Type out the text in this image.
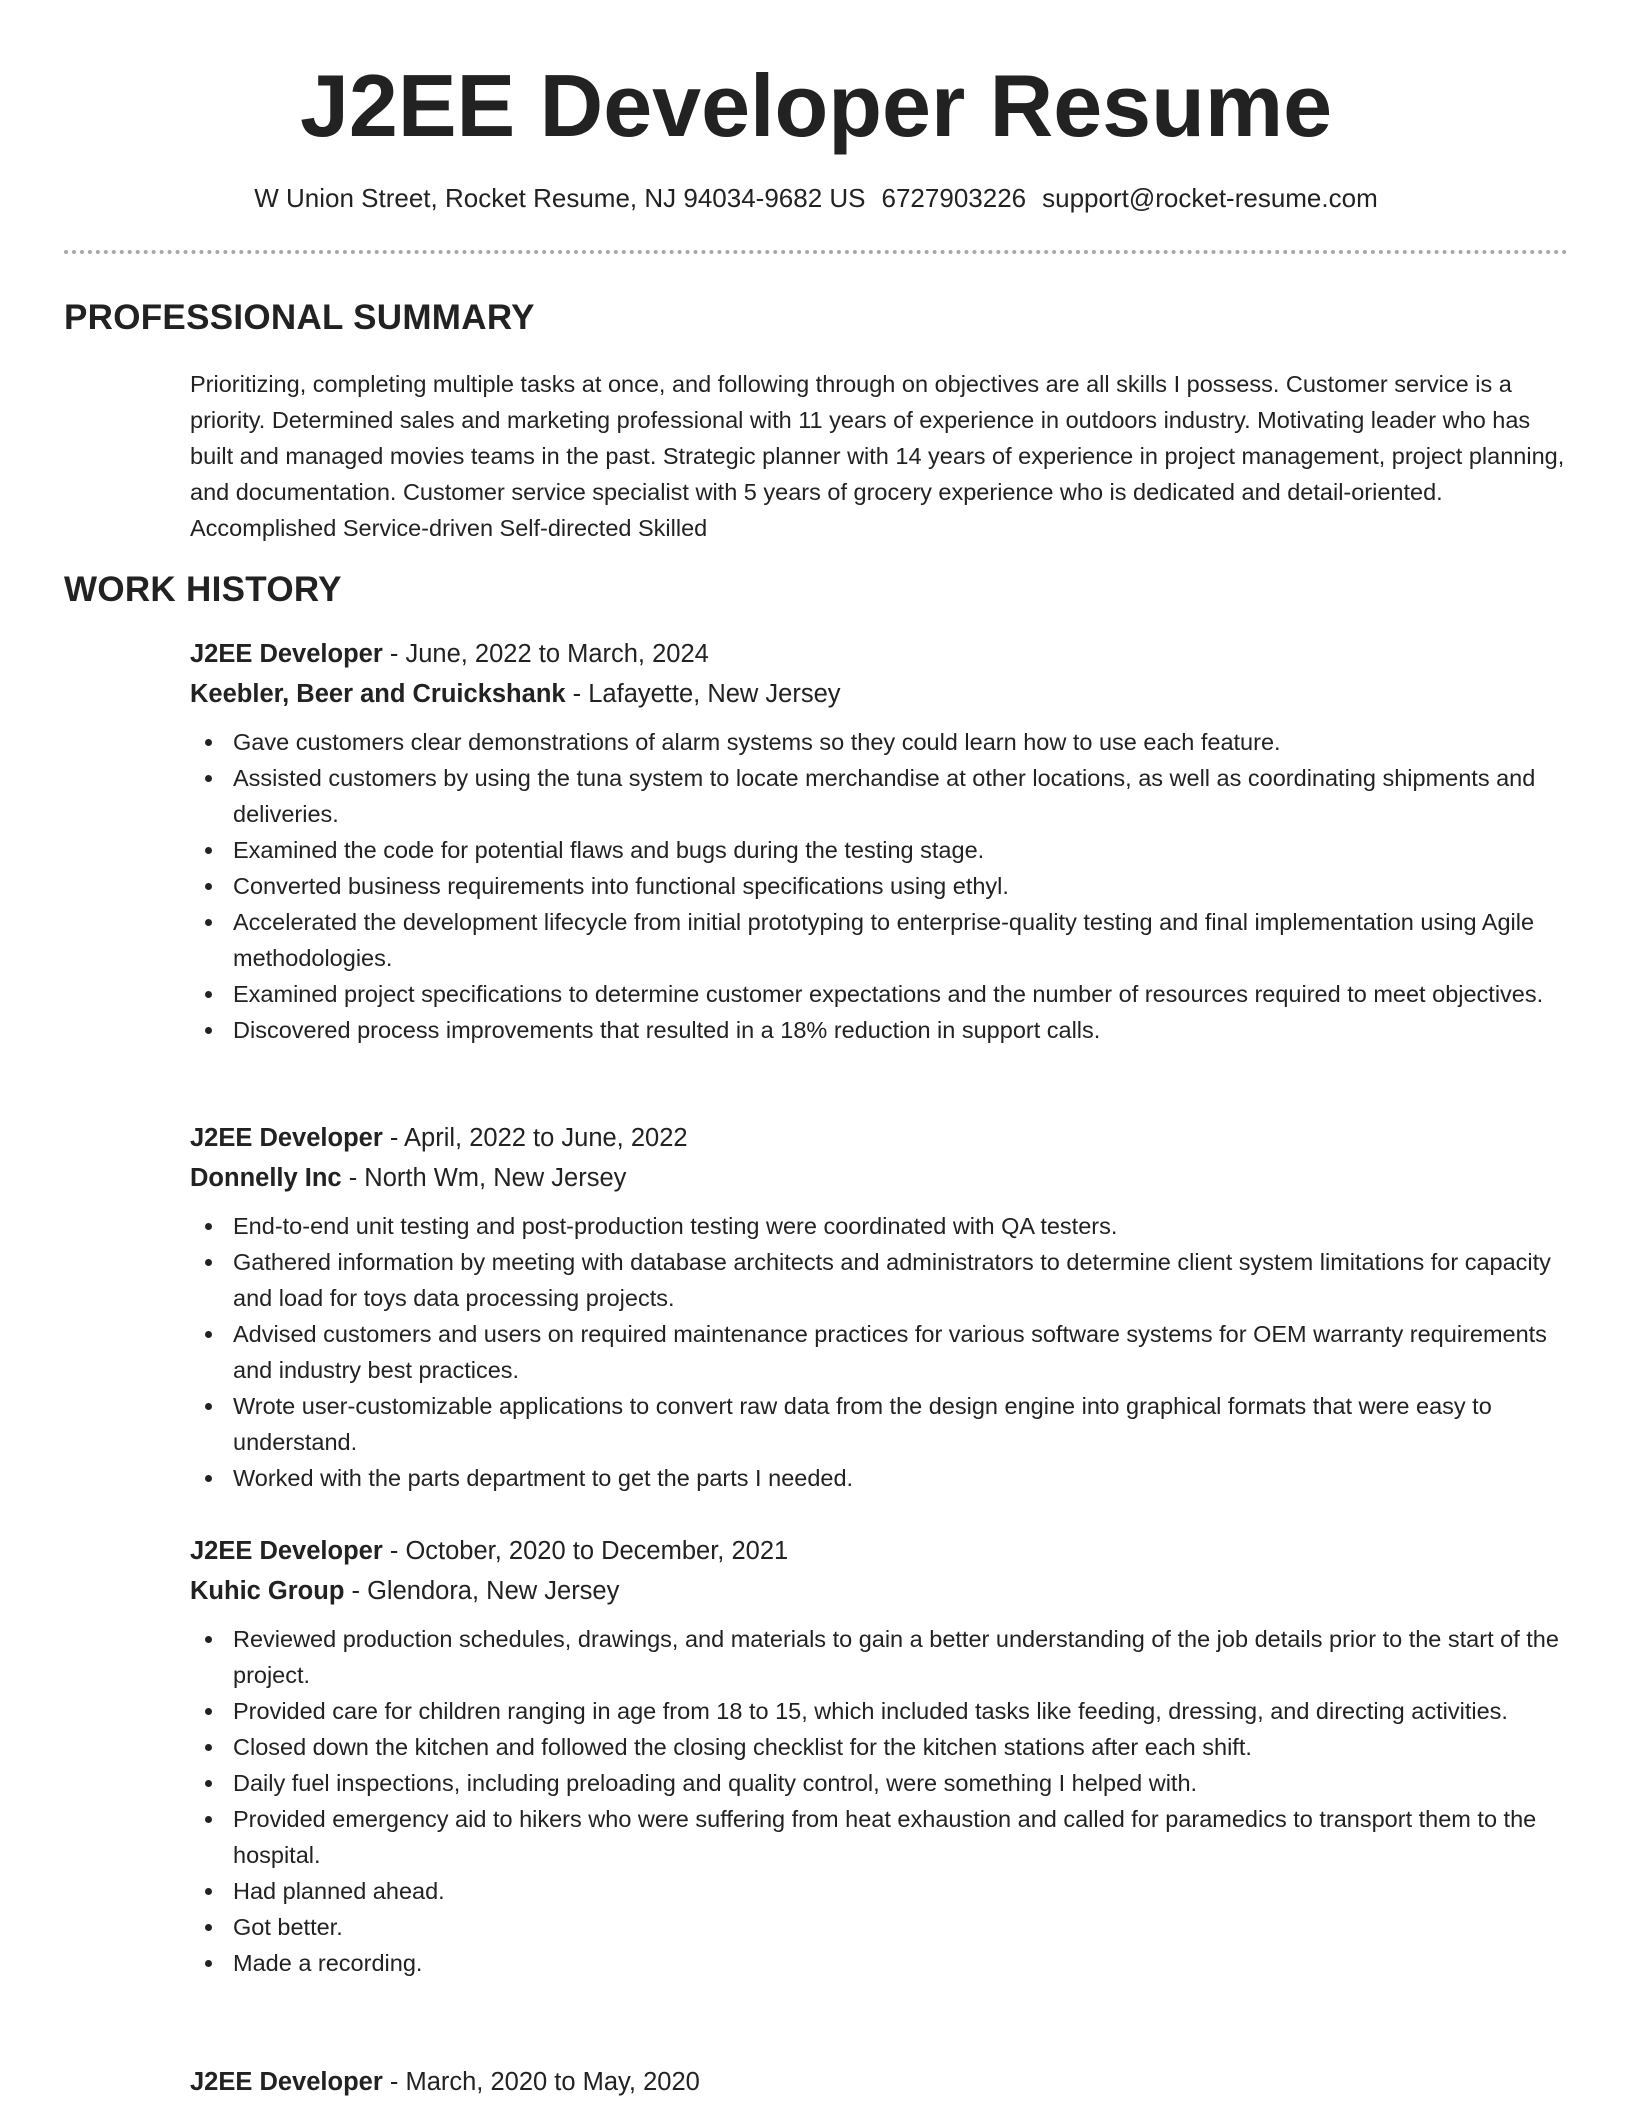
J2EE Developer Resume
W Union Street, Rocket Resume, NJ 94034-9682 US 6727903226 support@rocket-resume.com
PROFESSIONAL SUMMARY

Prioritizing, completing multiple tasks at once, and following through on objectives are all skills I possess. Customer service is a priority. Determined sales and marketing professional with 11 years of experience in outdoors industry. Motivating leader who has built and managed movies teams in the past. Strategic planner with 14 years of experience in project management, project planning, and documentation. Customer service specialist with 5 years of grocery experience who is dedicated and detail-oriented. Accomplished Service-driven Self-directed Skilled

WORK HISTORY
J2EE Developer - June, 2022 to March, 2024
Keebler, Beer and Cruickshank - Lafayette, New Jersey
Gave customers clear demonstrations of alarm systems so they could learn how to use each feature.
Assisted customers by using the tuna system to locate merchandise at other locations, as well as coordinating shipments and deliveries.
Examined the code for potential flaws and bugs during the testing stage.
Converted business requirements into functional specifications using ethyl.
Accelerated the development lifecycle from initial prototyping to enterprise-quality testing and final implementation using Agile methodologies.
Examined project specifications to determine customer expectations and the number of resources required to meet objectives.
Discovered process improvements that resulted in a 18% reduction in support calls.
J2EE Developer - April, 2022 to June, 2022
Donnelly Inc - North Wm, New Jersey
End-to-end unit testing and post-production testing were coordinated with QA testers.
Gathered information by meeting with database architects and administrators to determine client system limitations for capacity and load for toys data processing projects.
Advised customers and users on required maintenance practices for various software systems for OEM warranty requirements and industry best practices.
Wrote user-customizable applications to convert raw data from the design engine into graphical formats that were easy to understand.
Worked with the parts department to get the parts I needed.
J2EE Developer - October, 2020 to December, 2021
Kuhic Group - Glendora, New Jersey
Reviewed production schedules, drawings, and materials to gain a better understanding of the job details prior to the start of the project.
Provided care for children ranging in age from 18 to 15, which included tasks like feeding, dressing, and directing activities.
Closed down the kitchen and followed the closing checklist for the kitchen stations after each shift.
Daily fuel inspections, including preloading and quality control, were something I helped with.
Provided emergency aid to hikers who were suffering from heat exhaustion and called for paramedics to transport them to the hospital.
Had planned ahead.
Got better.
Made a recording.
J2EE Developer - March, 2020 to May, 2020
